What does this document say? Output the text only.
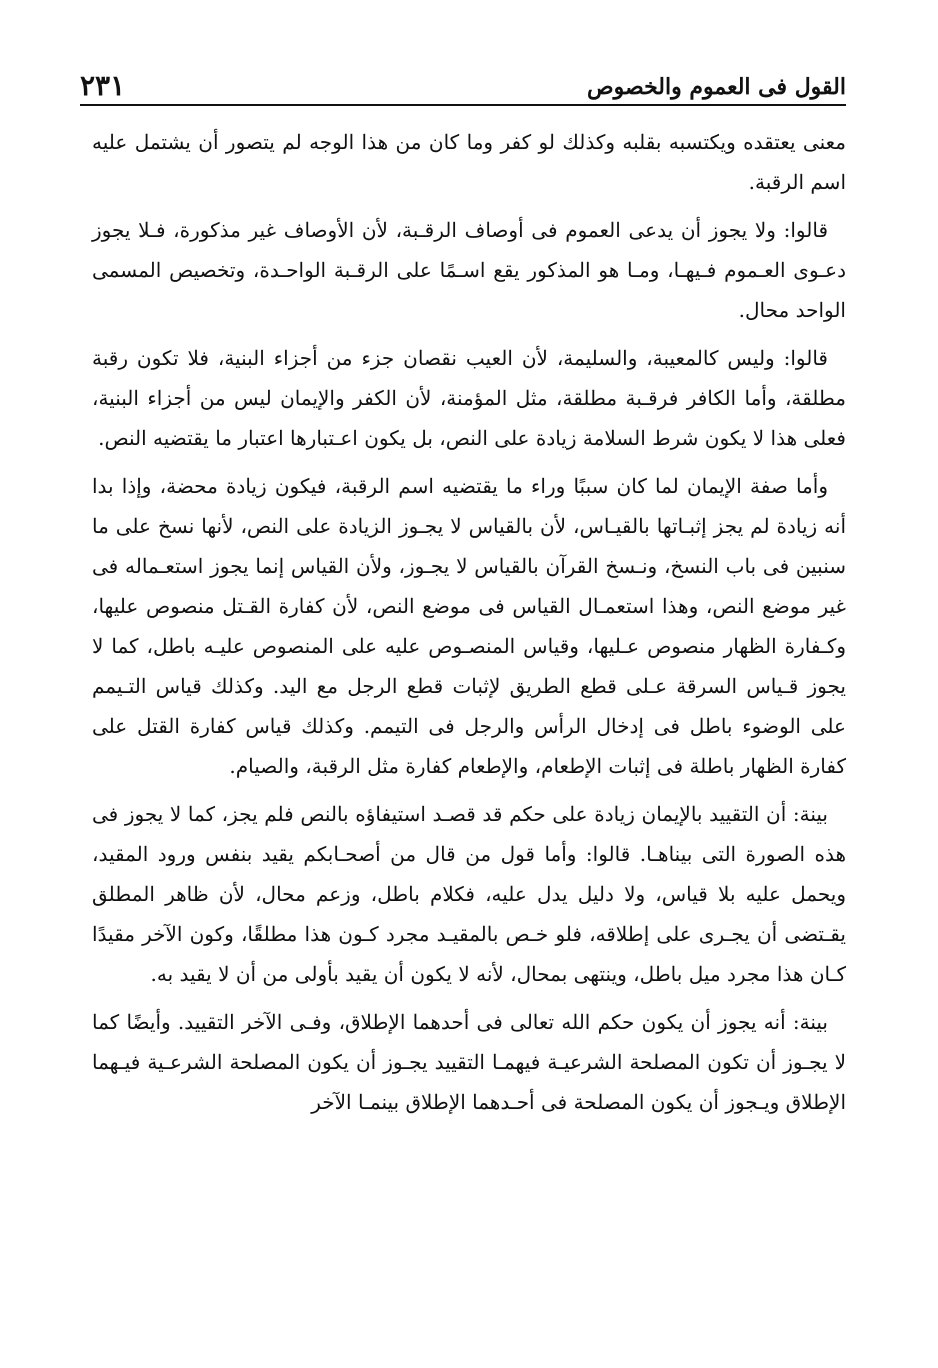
القول فى العموم والخصوص
٢٣١

معنى يعتقده ويكتسبه بقلبه وكذلك لو كفر وما كان من هذا الوجه لم يتصور أن يشتمل عليه اسم الرقبة.

قالوا: ولا يجوز أن يدعى العموم فى أوصاف الرقـبة، لأن الأوصاف غير مذكورة، فـلا يجوز دعـوى العـموم فـيهـا، ومـا هو المذكور يقع اسـمًا على الرقـبة الواحـدة، وتخصيص المسمى الواحد محال.

قالوا: وليس كالمعيبة، والسليمة، لأن العيب نقصان جزء من أجزاء البنية، فلا تكون رقبة مطلقة، وأما الكافر فرقـبة مطلقة، مثل المؤمنة، لأن الكفر والإيمان ليس من أجزاء البنية، فعلى هذا لا يكون شرط السلامة زيادة على النص، بل يكون اعـتبارها اعتبار ما يقتضيه النص.

وأما صفة الإيمان لما كان سببًا وراء ما يقتضيه اسم الرقبة، فيكون زيادة محضة، وإذا بدا أنه زيادة لم يجز إثبـاتها بالقيـاس، لأن بالقياس لا يجـوز الزيادة على النص، لأنها نسخ على ما سنبين فى باب النسخ، ونـسخ القرآن بالقياس لا يجـوز، ولأن القياس إنما يجوز استعـماله فى غير موضع النص، وهذا استعمـال القياس فى موضع النص، لأن كفارة القـتل منصوص عليها، وكـفارة الظهار منصوص عـليها، وقياس المنصـوص عليه على المنصوص عليـه باطل، كما لا يجوز قـياس السرقة عـلى قطع الطريق لإثبات قطع الرجل مع اليد. وكذلك قياس التـيمم على الوضوء باطل فى إدخال الرأس والرجل فى التيمم. وكذلك قياس كفارة القتل على كفارة الظهار باطلة فى إثبات الإطعام، والإطعام كفارة مثل الرقبة، والصيام.

بينة: أن التقييد بالإيمان زيادة على حكم قد قصـد استيفاؤه بالنص فلم يجز، كما لا يجوز فى هذه الصورة التى بيناهـا. قالوا: وأما قول من قال من أصحـابكم يقيد بنفس ورود المقيد، ويحمل عليه بلا قياس، ولا دليل يدل عليه، فكلام باطل، وزعم محال، لأن ظاهر المطلق يقـتضى أن يجـرى على إطلاقه، فلو خـص بالمقيـد مجرد كـون هذا مطلقًا، وكون الآخر مقيدًا كـان هذا مجرد ميل باطل، وينتهى بمحال، لأنه لا يكون أن يقيد بأولى من أن لا يقيد به.

بينة: أنه يجوز أن يكون حكم الله تعالى فى أحدهما الإطلاق، وفـى الآخر التقييد. وأيضًا كما لا يجـوز أن تكون المصلحة الشرعيـة فيهمـا التقييد يجـوز أن يكون المصلحة الشرعـية فيـهما الإطلاق ويـجوز أن يكون المصلحة فى أحـدهما الإطلاق بينمـا الآخر
